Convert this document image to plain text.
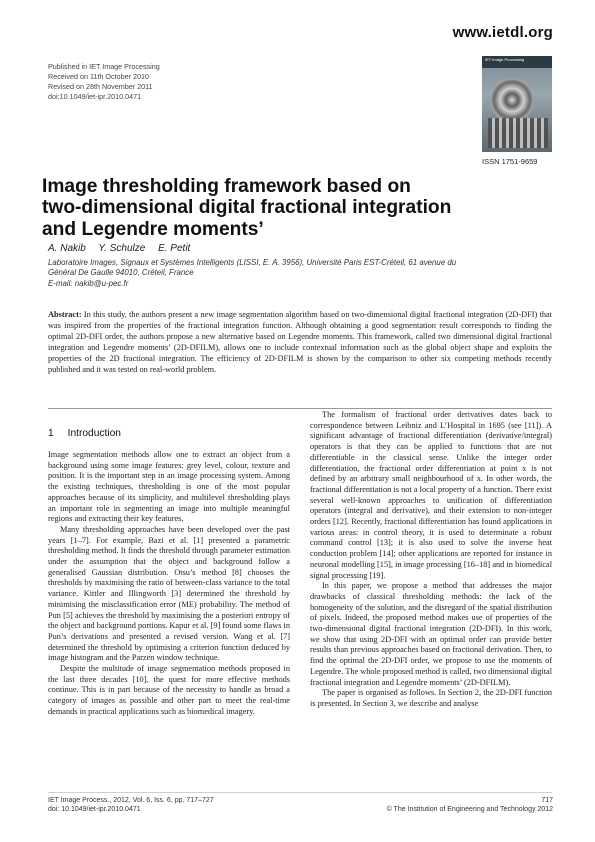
www.ietdl.org
Published in IET Image Processing
Received on 11th October 2010
Revised on 28th November 2011
doi:10.1049/iet-ipr.2010.0471
IET Image Processing
ISSN 1751-9659
Image thresholding framework based on
two-dimensional digital fractional integration
and Legendre moments’
A. Nakib Y. Schulze E. Petit
Laboratoire Images, Signaux et Systèmes Intelligents (LISSI, E. A. 3956), Université Paris EST-Créteil, 61 avenue du
Général De Gaulle 94010, Créteil, France
E-mail: nakib@u-pec.fr
Abstract: In this study, the authors present a new image segmentation algorithm based on two-dimensional digital fractional integration (2D-DFI) that was inspired from the properties of the fractional integration function. Although obtaining a good segmentation result corresponds to finding the optimal 2D-DFI order, the authors propose a new alternative based on Legendre moments. This framework, called two dimensional digital fractional integration and Legendre moments’ (2D-DFILM), allows one to include contextual information such as the global object shape and exploits the properties of the 2D fractional integration. The efficiency of 2D-DFILM is shown by the comparison to other six competing methods recently published and it was tested on real-world problem.
1 Introduction

Image segmentation methods allow one to extract an object from a background using some image features: grey level, colour, texture and position. It is the important step in an image processing system. Among the existing techniques, thresholding is one of the most popular approaches because of its simplicity, and multilevel thresholding plays an important role in segmenting an image into multiple meaningful regions and extracting their key features.

Many thresholding approaches have been developed over the past years [1–7]. For example, Bazi et al. [1] presented a parametric thresholding method. It finds the threshold through parameter estimation under the assumption that the object and background follow a generalised Gaussian distribution. Otsu’s method [8] chooses the thresholds by maximising the ratio of between-class variance to the total variance. Kittler and Illingworth [3] determined the threshold by minimising the misclassification error (ME) probability. The method of Pun [5] achieves the threshold by maximising the a posteriori entropy of the object and background portions. Kapur et al. [9] found some flaws in Pun’s derivations and presented a revised version. Wang et al. [7] determined the threshold by optimising a criterion function deduced by image histogram and the Parzen window technique.

Despite the multitude of image segmentation methods proposed in the last three decades [10], the quest for more effective methods continue. This is in part because of the necessity to handle as broad a category of images as possible and other part to meet the real-time demands in practical applications such as biomedical imagery.

The formalism of fractional order derivatives dates back to correspondence between Leibniz and L’Hospital in 1695 (see [11]). A significant advantage of fractional differentiation (derivative/integral) operators is that they can be applied to functions that are not differentiable in the classical sense. Unlike the integer order differentiation, the fractional order differentiation at point x is not defined by an arbitrary small neighbourhood of x. In other words, the fractional differentiation is not a local property of a function. There exist several well-known approaches to unification of differentiation operators (integral and derivative), and their extension to non-integer orders [12]. Recently, fractional differentiation has found applications in various areas: in control theory, it is used to determinate a robust command control [13]; it is also used to solve the inverse heat conduction problem [14]; other applications are reported for instance in neuronal modelling [15], in image processing [16–18] and in biomedical signal processing [19].

In this paper, we propose a method that addresses the major drawbacks of classical thresholding methods: the lack of the homogeneity of the solution, and the disregard of the spatial distribution of pixels. Indeed, the proposed method makes use of properties of the two-dimensional digital fractional integration (2D-DFI). In this work, we show that using 2D-DFI with an optimal order can provide better results than previous approaches based on fractional derivation. Then, to find the optimal the 2D-DFI order, we propose to use the moments of Legendre. The whole proposed method is called, two dimensional digital fractional integration and Legendre moments’ (2D-DFILM).

The paper is organised as follows. In Section 2, the 2D-DFI function is presented. In Section 3, we describe and analyse

IET Image Process., 2012, Vol. 6, Iss. 6, pp. 717–727
doi: 10.1049/iet-ipr.2010.0471
717
© The Institution of Engineering and Technology 2012
